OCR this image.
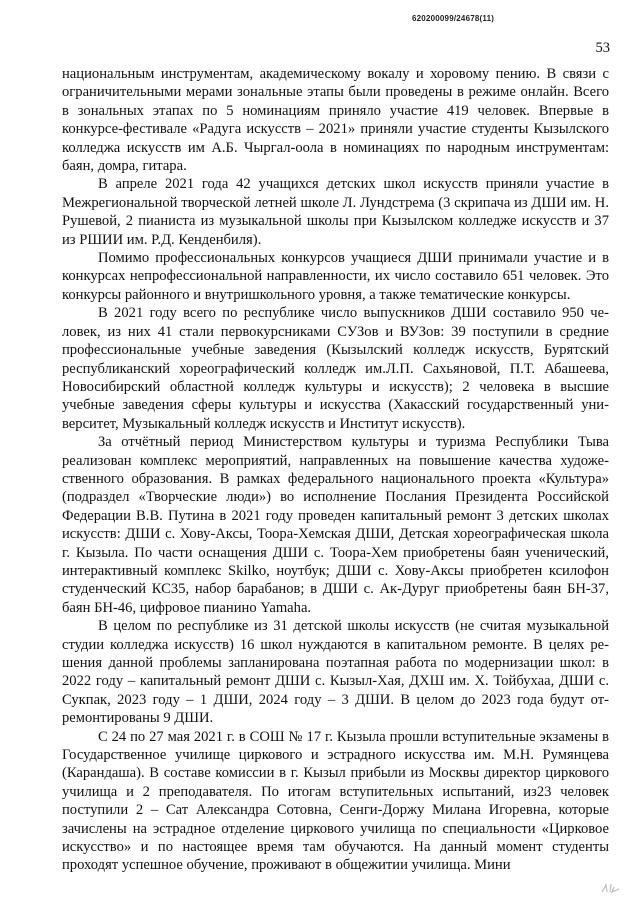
620200099/24678(11)
53

национальным инструментам, академическому вокалу и хоровому пению. В связи с ограничительными мерами зональные этапы были проведены в режиме онлайн. Всего в зональных этапах по 5 номинациям приняло участие 419 человек. Впервые в конкурсе-фестивале «Радуга искусств – 2021» приняли участие студенты Кызылского колледжа искусств им А.Б. Чыргал-оола в номинациях по народным инструментам: баян, домра, гитара.

В апреле 2021 года 42 учащихся детских школ искусств приняли участие в Межрегиональной творческой летней школе Л. Лундстрема (3 скрипача из ДШИ им. Н. Рушевой, 2 пианиста из музыкальной школы при Кызылском колледже искусств и 37 из РШИИ им. Р.Д. Кенденбиля).

Помимо профессиональных конкурсов учащиеся ДШИ принимали участие и в конкурсах непрофессиональной направленности, их число составило 651 человек. Это конкурсы районного и внутришкольного уровня, а также тематические конкурсы.

В 2021 году всего по республике число выпускников ДШИ составило 950 человек, из них 41 стали первокурсниками СУЗов и ВУЗов: 39 поступили в средние профессиональные учебные заведения (Кызылский колледж искусств, Бурятский республиканский хореографический колледж им.Л.П. Сахьяновой, П.Т. Абашеева, Новосибирский областной колледж культуры и искусств); 2 человека в высшие учебные заведения сферы культуры и искусства (Хакасский государственный университет, Музыкальный колледж искусств и Институт искусств).

За отчётный период Министерством культуры и туризма Республики Тыва реализован комплекс мероприятий, направленных на повышение качества художественного образования. В рамках федерального национального проекта «Культура» (подраздел «Творческие люди») во исполнение Послания Президента Российской Федерации В.В. Путина в 2021 году проведен капитальный ремонт 3 детских школах искусств: ДШИ с. Хову-Аксы, Тоора-Хемская ДШИ, Детская хореографическая школа г. Кызыла. По части оснащения ДШИ с. Тоора-Хем приобретены баян ученический, интерактивный комплекс Skilko, ноутбук; ДШИ с. Хову-Аксы приобретен ксилофон студенческий КС35, набор барабанов; в ДШИ с. Ак-Дуруг приобретены баян БН-37, баян БН-46, цифровое пианино Yamaha.

В целом по республике из 31 детской школы искусств (не считая музыкальной студии колледжа искусств) 16 школ нуждаются в капитальном ремонте. В целях решения данной проблемы запланирована поэтапная работа по модернизации школ: в 2022 году – капитальный ремонт ДШИ с. Кызыл-Хая, ДХШ им. Х. Тойбухаа, ДШИ с. Сукпак, 2023 году – 1 ДШИ, 2024 году – 3 ДШИ. В целом до 2023 года будут отремонтированы 9 ДШИ.

С 24 по 27 мая 2021 г. в СОШ № 17 г. Кызыла прошли вступительные экзамены в Государственное училище циркового и эстрадного искусства им. М.Н. Румянцева (Карандаша). В составе комиссии в г. Кызыл прибыли из Москвы директор циркового училища и 2 преподавателя. По итогам вступительных испытаний, из23 человек поступили 2 – Сат Александра Сотовна, Сенги-Доржу Милана Игоревна, которые зачислены на эстрадное отделение циркового училища по специальности «Цирковое искусство» и по настоящее время там обучаются. На данный момент студенты проходят успешное обучение, проживают в общежитии училища. Мини
